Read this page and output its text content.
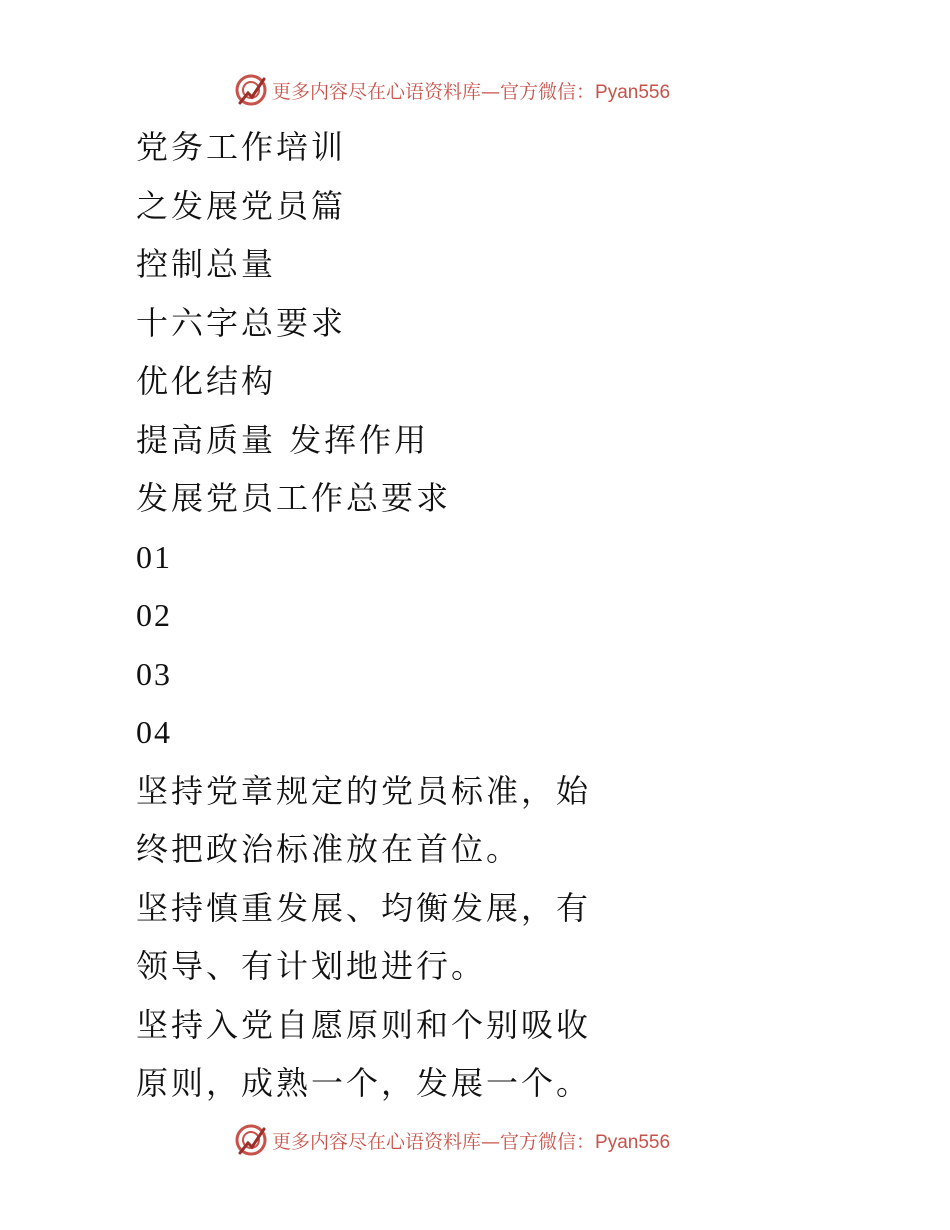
更多内容尽在心语资料库—官方微信：Pyan556
党务工作培训
之发展党员篇
控制总量
十六字总要求
优化结构
提高质量 发挥作用
发展党员工作总要求
01
02
03
04
坚持党章规定的党员标准，始
终把政治标准放在首位。
坚持慎重发展、均衡发展，有
领导、有计划地进行。
坚持入党自愿原则和个别吸收
原则，成熟一个，发展一个。
更多内容尽在心语资料库—官方微信：Pyan556
